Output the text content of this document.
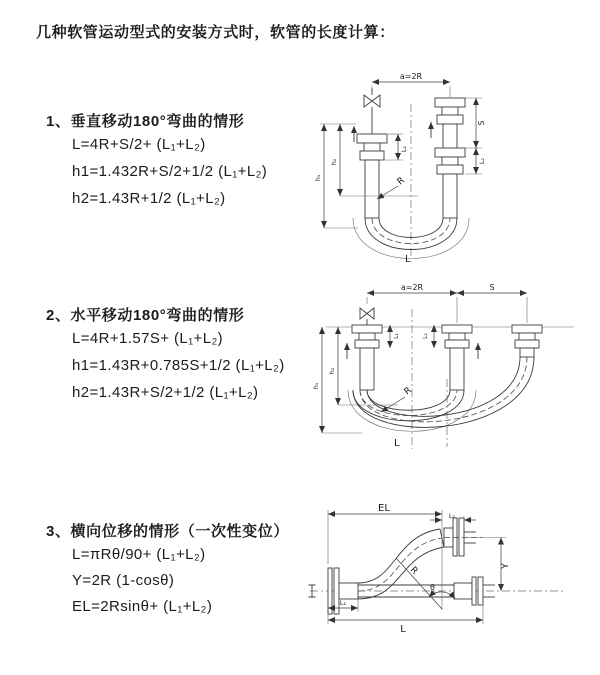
几种软管运动型式的安装方式时，软管的长度计算：
1、垂直移动180°弯曲的情形
L=4R+S/2+ (L₁+L₂)
h1=1.432R+S/2+1/2 (L₁+L₂)
h2=1.43R+1/2 (L₁+L₂)
a=2R
L₁
S
L₂
h₂
h₁	R
L
2、水平移动180°弯曲的情形
L=4R+1.57S+ (L₁+L₂)
h1=1.43R+0.785S+1/2 (L₁+L₂)
h2=1.43R+S/2+1/2 (L₁+L₂)
a=2R	S
L₁	L₂
h₂
h₁	R
L
3、横向位移的情形（一次性变位）
L=πRθ/90+ (L₁+L₂)
Y=2R (1-cosθ)
EL=2Rsinθ+ (L₁+L₂)
EL
L₂
Y
R
θ
L₁
L
